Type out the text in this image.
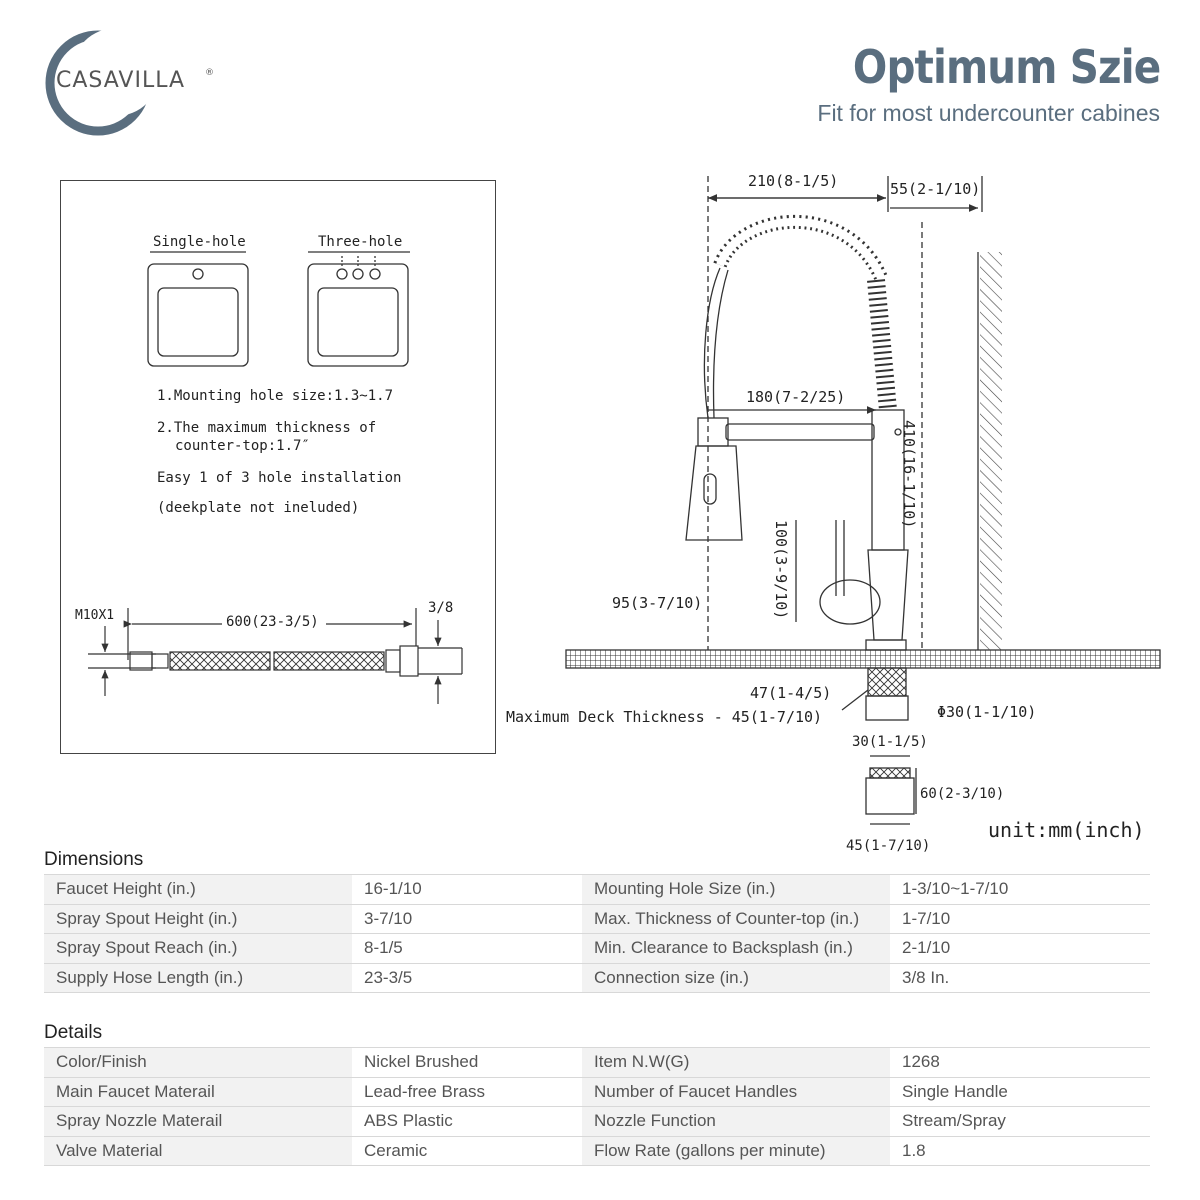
CASAVILLA ®	Optimum Szie
Fit for most undercounter cabines
Single-hole	Three-hole
1.Mounting hole size:1.3~1.7
2.The maximum thickness of
counter-top:1.7″
Easy 1 of 3 hole installation
(deekplate not ineluded)
M10X1	600(23-3/5)
3/8
210(8-1/5)	55(2-1/10)
410(16-1/10)
180(7-2/25)
100(3-9/10)
95(3-7/10)
47(1-4/5)
Maximum Deck Thickness - 45(1-7/10)	Φ30(1-1/10)
30(1-1/5)
60(2-3/10)
45(1-7/10)
unit:mm(inch)
Dimensions
Faucet Height (in.)	16-1/10	Mounting Hole Size (in.)	1-3/10~1-7/10
Spray Spout Height (in.)	3-7/10	Max. Thickness of Counter-top (in.)	1-7/10
Spray Spout Reach (in.)	8-1/5	Min. Clearance to Backsplash (in.)	2-1/10
Supply Hose Length (in.)	23-3/5	Connection size (in.)	3/8 In.
Details
Color/Finish	Nickel Brushed	Item N.W(G)	1268
Main Faucet Materail	Lead-free Brass	Number of Faucet Handles	Single Handle
Spray Nozzle Materail	ABS Plastic	Nozzle Function	Stream/Spray
Valve Material	Ceramic	Flow Rate (gallons per minute)	1.8
